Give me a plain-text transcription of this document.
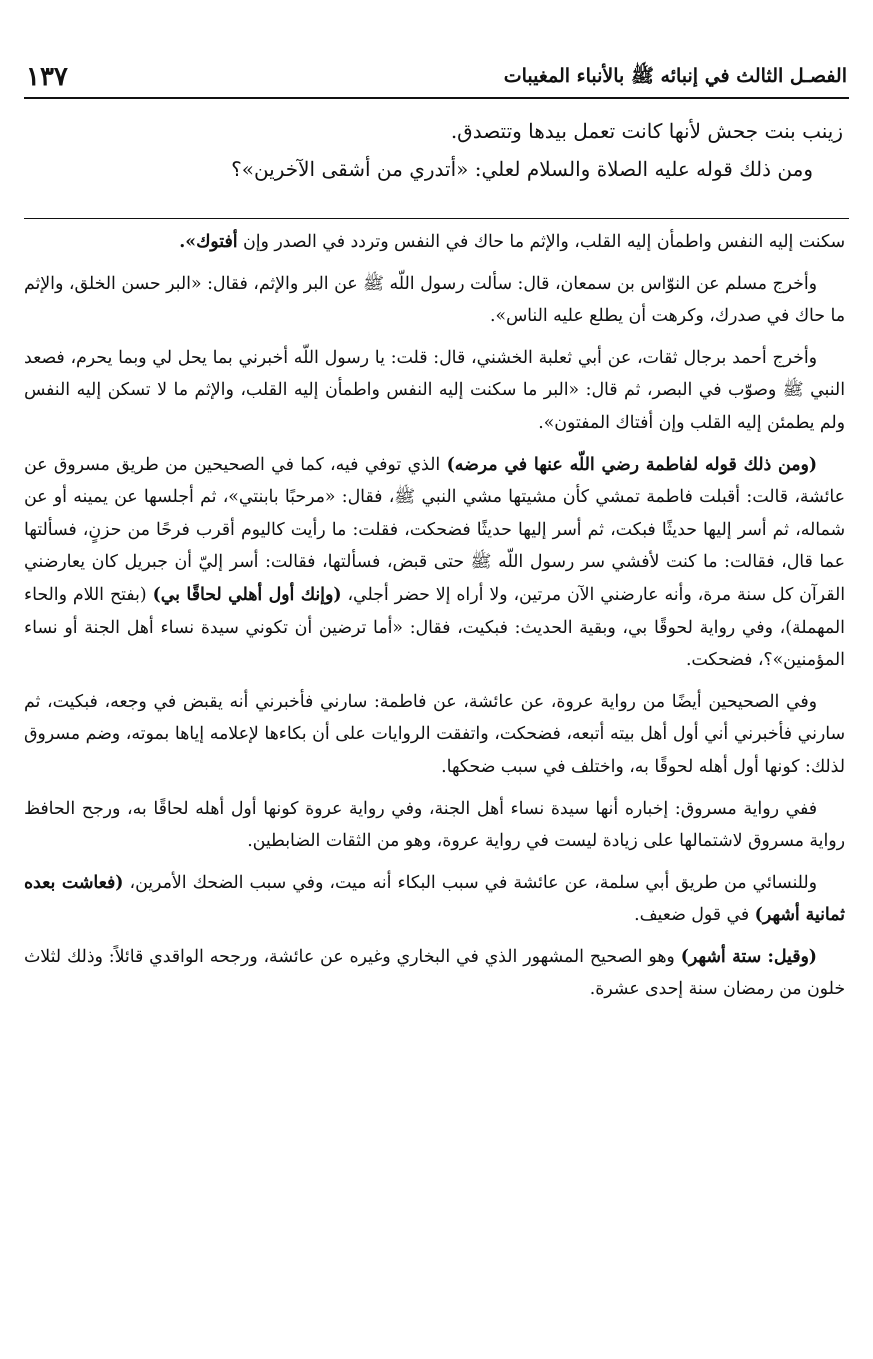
الفصـل الثالث في إنبائه ﷺ بالأنباء المغيبات
١٣٧

زينب بنت جحش لأنها كانت تعمل بيدها وتتصدق.

ومن ذلك قوله عليه الصلاة والسلام لعلي: «أتدري من أشقى الآخرين»؟

سكنت إليه النفس واطمأن إليه القلب، والإثم ما حاك في النفس وتردد في الصدر وإن أفتوك».

وأخرج مسلم عن النوّاس بن سمعان، قال: سألت رسول اللّه ﷺ عن البر والإثم، فقال: «البر حسن الخلق، والإثم ما حاك في صدرك، وكرهت أن يطلع عليه الناس».

وأخرج أحمد برجال ثقات، عن أبي ثعلبة الخشني، قال: قلت: يا رسول اللّه أخبرني بما يحل لي وبما يحرم، فصعد النبي ﷺ وصوّب في البصر، ثم قال: «البر ما سكنت إليه النفس واطمأن إليه القلب، والإثم ما لا تسكن إليه النفس ولم يطمئن إليه القلب وإن أفتاك المفتون».

(ومن ذلك قوله لفاطمة رضي اللّه عنها في مرضه) الذي توفي فيه، كما في الصحيحين من طريق مسروق عن عائشة، قالت: أقبلت فاطمة تمشي كأن مشيتها مشي النبي ﷺ، فقال: «مرحبًا بابنتي»، ثم أجلسها عن يمينه أو عن شماله، ثم أسر إليها حديثًا فبكت، ثم أسر إليها حديثًا فضحكت، فقلت: ما رأيت كاليوم أقرب فرحًا من حزنٍ، فسألتها عما قال، فقالت: ما كنت لأفشي سر رسول اللّه ﷺ حتى قبض، فسألتها، فقالت: أسر إليّ أن جبريل كان يعارضني القرآن كل سنة مرة، وأنه عارضني الآن مرتين، ولا أراه إلا حضر أجلي، (وإنك أول أهلي لحاقًا بي) (بفتح اللام والحاء المهملة)، وفي رواية لحوقًا بي، وبقية الحديث: فبكيت، فقال: «أما ترضين أن تكوني سيدة نساء أهل الجنة أو نساء المؤمنين»؟، فضحكت.

وفي الصحيحين أيضًا من رواية عروة، عن عائشة، عن فاطمة: سارني فأخبرني أنه يقبض في وجعه، فبكيت، ثم سارني فأخبرني أني أول أهل بيته أتبعه، فضحكت، واتفقت الروايات على أن بكاءها لإعلامه إياها بموته، وضم مسروق لذلك: كونها أول أهله لحوقًا به، واختلف في سبب ضحكها.

ففي رواية مسروق: إخباره أنها سيدة نساء أهل الجنة، وفي رواية عروة كونها أول أهله لحاقًا به، ورجح الحافظ رواية مسروق لاشتمالها على زيادة ليست في رواية عروة، وهو من الثقات الضابطين.

وللنسائي من طريق أبي سلمة، عن عائشة في سبب البكاء أنه ميت، وفي سبب الضحك الأمرين، (فعاشت بعده ثمانية أشهر) في قول ضعيف.

(وقيل: ستة أشهر) وهو الصحيح المشهور الذي في البخاري وغيره عن عائشة، ورجحه الواقدي قائلاً: وذلك لثلاث خلون من رمضان سنة إحدى عشرة.
